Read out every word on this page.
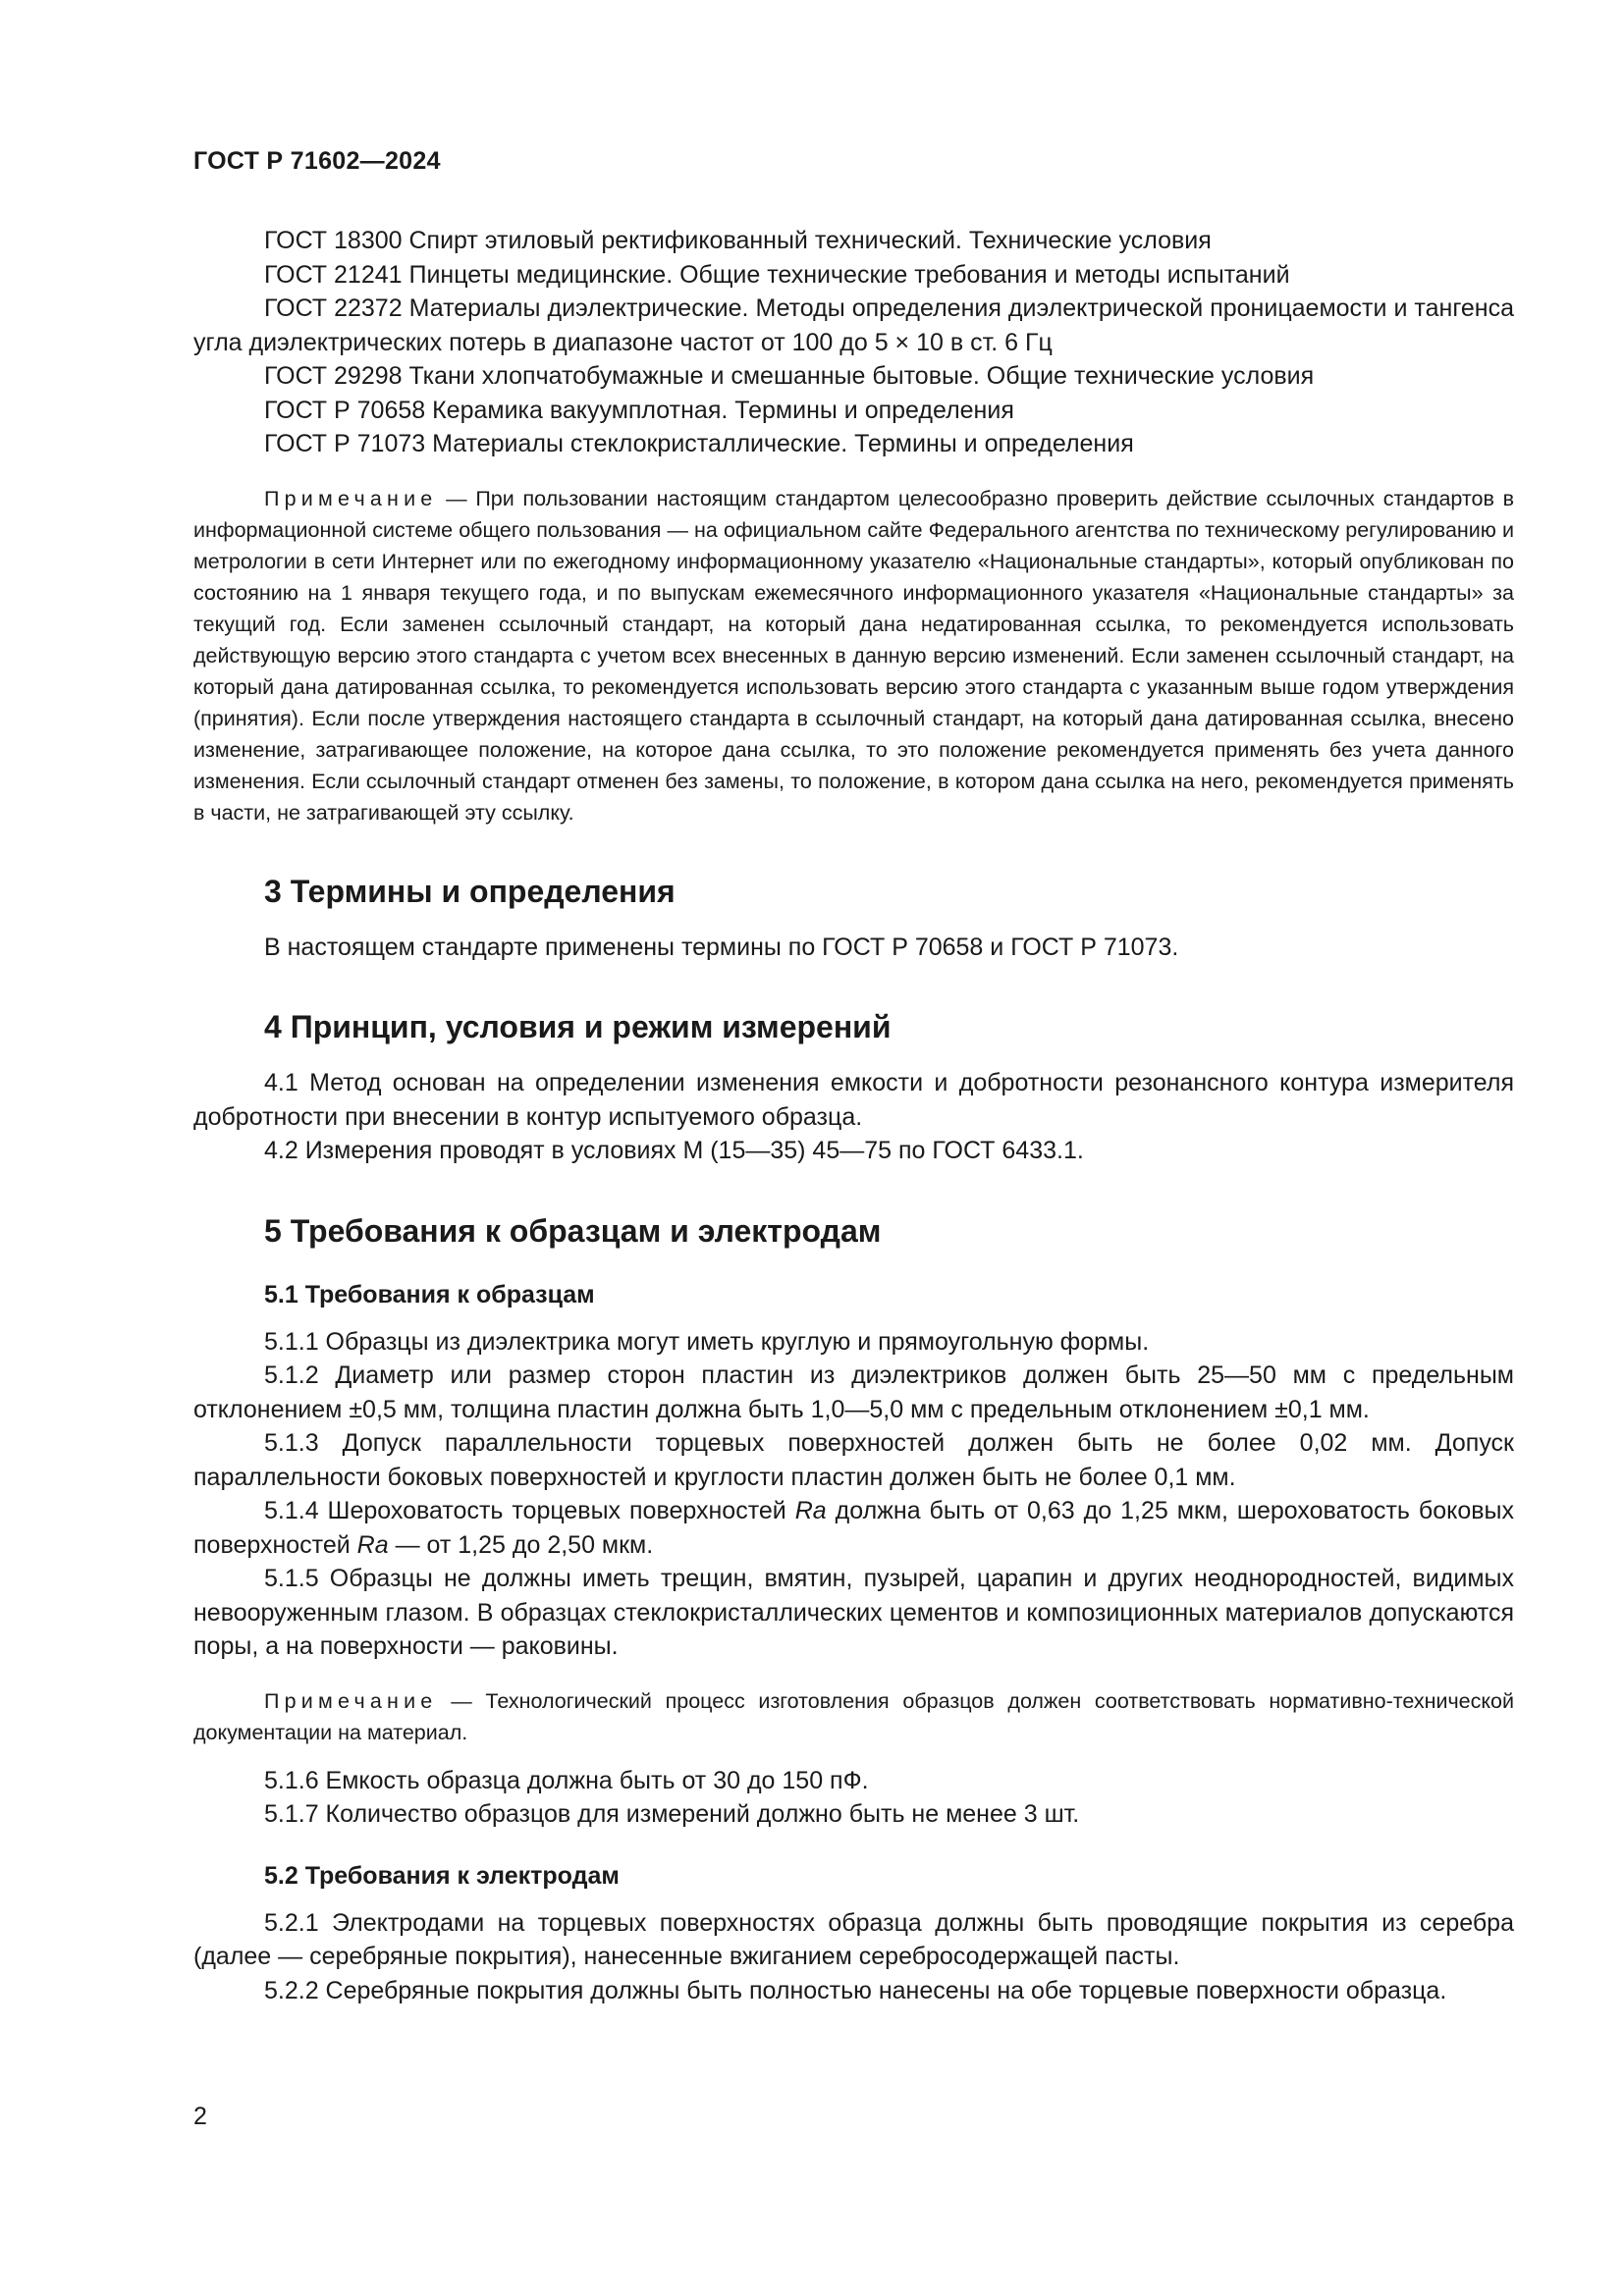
ГОСТ Р 71602—2024

ГОСТ 18300 Спирт этиловый ректификованный технический. Технические условия

ГОСТ 21241 Пинцеты медицинские. Общие технические требования и методы испытаний

ГОСТ 22372 Материалы диэлектрические. Методы определения диэлектрической проницаемости и тангенса угла диэлектрических потерь в диапазоне частот от 100 до 5 × 10 в ст. 6 Гц

ГОСТ 29298 Ткани хлопчатобумажные и смешанные бытовые. Общие технические условия

ГОСТ Р 70658 Керамика вакуумплотная. Термины и определения

ГОСТ Р 71073 Материалы стеклокристаллические. Термины и определения

Примечание — При пользовании настоящим стандартом целесообразно проверить действие ссылочных стандартов в информационной системе общего пользования — на официальном сайте Федерального агентства по техническому регулированию и метрологии в сети Интернет или по ежегодному информационному указателю «Национальные стандарты», который опубликован по состоянию на 1 января текущего года, и по выпускам ежемесячного информационного указателя «Национальные стандарты» за текущий год. Если заменен ссылочный стандарт, на который дана недатированная ссылка, то рекомендуется использовать действующую версию этого стандарта с учетом всех внесенных в данную версию изменений. Если заменен ссылочный стандарт, на который дана датированная ссылка, то рекомендуется использовать версию этого стандарта с указанным выше годом утверждения (принятия). Если после утверждения настоящего стандарта в ссылочный стандарт, на который дана датированная ссылка, внесено изменение, затрагивающее положение, на которое дана ссылка, то это положение рекомендуется применять без учета данного изменения. Если ссылочный стандарт отменен без замены, то положение, в котором дана ссылка на него, рекомендуется применять в части, не затрагивающей эту ссылку.

3 Термины и определения

В настоящем стандарте применены термины по ГОСТ Р 70658 и ГОСТ Р 71073.

4 Принцип, условия и режим измерений

4.1 Метод основан на определении изменения емкости и добротности резонансного контура измерителя добротности при внесении в контур испытуемого образца.

4.2 Измерения проводят в условиях М (15—35) 45—75 по ГОСТ 6433.1.

5 Требования к образцам и электродам
5.1 Требования к образцам

5.1.1 Образцы из диэлектрика могут иметь круглую и прямоугольную формы.

5.1.2 Диаметр или размер сторон пластин из диэлектриков должен быть 25—50 мм с предельным отклонением ±0,5 мм, толщина пластин должна быть 1,0—5,0 мм с предельным отклонением ±0,1 мм.

5.1.3 Допуск параллельности торцевых поверхностей должен быть не более 0,02 мм. Допуск параллельности боковых поверхностей и круглости пластин должен быть не более 0,1 мм.

5.1.4 Шероховатость торцевых поверхностей Ra должна быть от 0,63 до 1,25 мкм, шероховатость боковых поверхностей Ra — от 1,25 до 2,50 мкм.

5.1.5 Образцы не должны иметь трещин, вмятин, пузырей, царапин и других неоднородностей, видимых невооруженным глазом. В образцах стеклокристаллических цементов и композиционных материалов допускаются поры, а на поверхности — раковины.

Примечание — Технологический процесс изготовления образцов должен соответствовать нормативно-технической документации на материал.

5.1.6 Емкость образца должна быть от 30 до 150 пФ.

5.1.7 Количество образцов для измерений должно быть не менее 3 шт.

5.2 Требования к электродам

5.2.1 Электродами на торцевых поверхностях образца должны быть проводящие покрытия из серебра (далее — серебряные покрытия), нанесенные вжиганием серебросодержащей пасты.

5.2.2 Серебряные покрытия должны быть полностью нанесены на обе торцевые поверхности образца.

2
